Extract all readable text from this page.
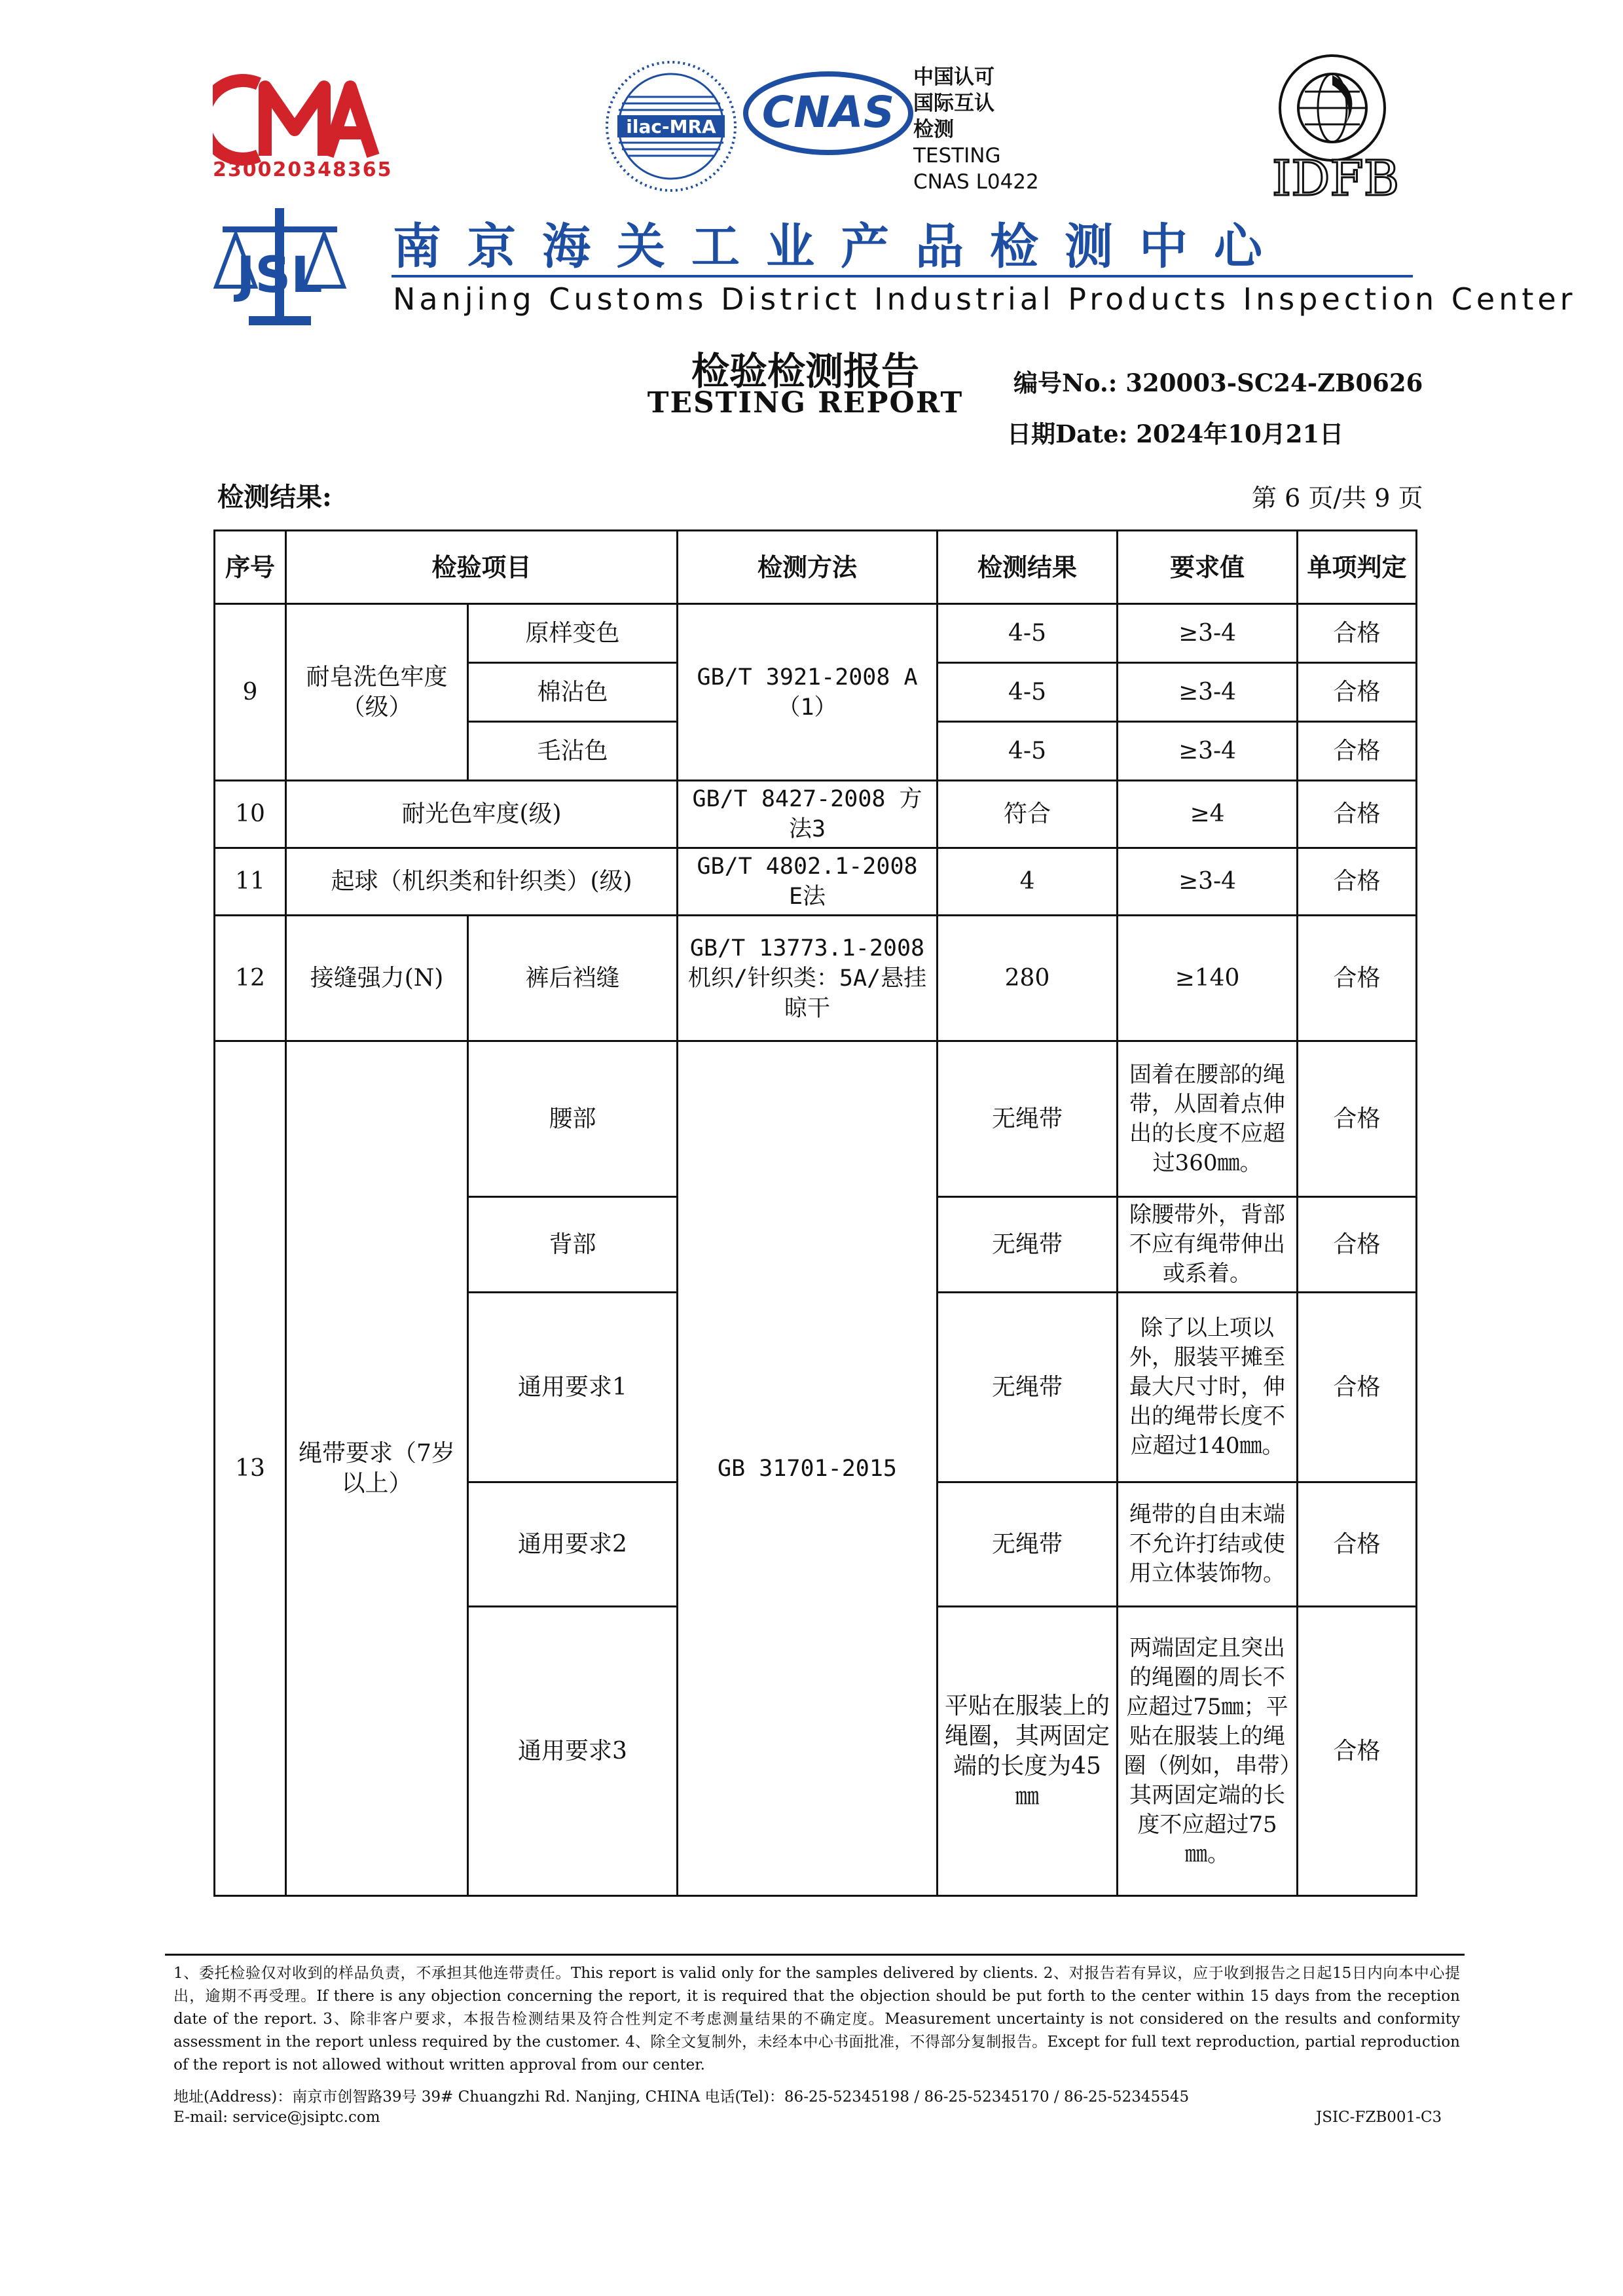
230020348365
ilac-MRA CNAS
中国认可
国际互认
检测
TESTING
CNAS L0422	IDFB
JSL 南京海关工业产品检测中心
Nanjing Customs District Industrial Products Inspection Center
检验检测报告
TESTING REPORT
编号No.: 320003-SC24-ZB0626
日期Date: 2024年10月21日
检测结果:	第 6 页/共 9 页
序号	检验项目		检测方法	检测结果	要求值	单项判定
9	耐皂洗色牢度（级）	原样变色	GB/T 3921-2008 A（1）	4-5	≥3-4	合格
		棉沾色		4-5	≥3-4	合格
		毛沾色		4-5	≥3-4	合格
10	耐光色牢度(级)		GB/T 8427-2008 方法3	符合	≥4	合格
11	起球（机织类和针织类）(级)		GB/T 4802.1-2008 E法	4	≥3-4	合格
12	接缝强力(N)	裤后裆缝	GB/T 13773.1-2008 机织/针织类：5A/悬挂晾干	280	≥140	合格
13	绳带要求（7岁以上）	腰部	GB 31701-2015	无绳带	固着在腰部的绳带，从固着点伸出的长度不应超过360㎜。	合格
		背部		无绳带	除腰带外，背部不应有绳带伸出或系着。	合格
		通用要求1		无绳带	除了以上项以外，服装平摊至最大尺寸时，伸出的绳带长度不应超过140㎜。	合格
		通用要求2		无绳带	绳带的自由末端不允许打结或使用立体装饰物。	合格
		通用要求3		平贴在服装上的绳圈，其两固定端的长度为45㎜	两端固定且突出的绳圈的周长不应超过75㎜；平贴在服装上的绳圈（例如，串带）其两固定端的长度不应超过75㎜。	合格
1、委托检验仅对收到的样品负责，不承担其他连带责任。This report is valid only for the samples delivered by clients. 2、对报告若有异议，应于收到报告之日起15日内向本中心提出，逾期不再受理。If there is any objection concerning the report, it is required that the objection should be put forth to the center within 15 days from the reception date of the report. 3、除非客户要求，本报告检测结果及符合性判定不考虑测量结果的不确定度。Measurement uncertainty is not considered on the results and conformity assessment in the report unless required by the customer. 4、除全文复制外，未经本中心书面批准，不得部分复制报告。Except for full text reproduction, partial reproduction of the report is not allowed without written approval from our center.
地址(Address)：南京市创智路39号 39# Chuangzhi Rd. Nanjing, CHINA 电话(Tel)：86-25-52345198 / 86-25-52345170 / 86-25-52345545
E-mail: service@jsiptc.com	JSIC-FZB001-C3
